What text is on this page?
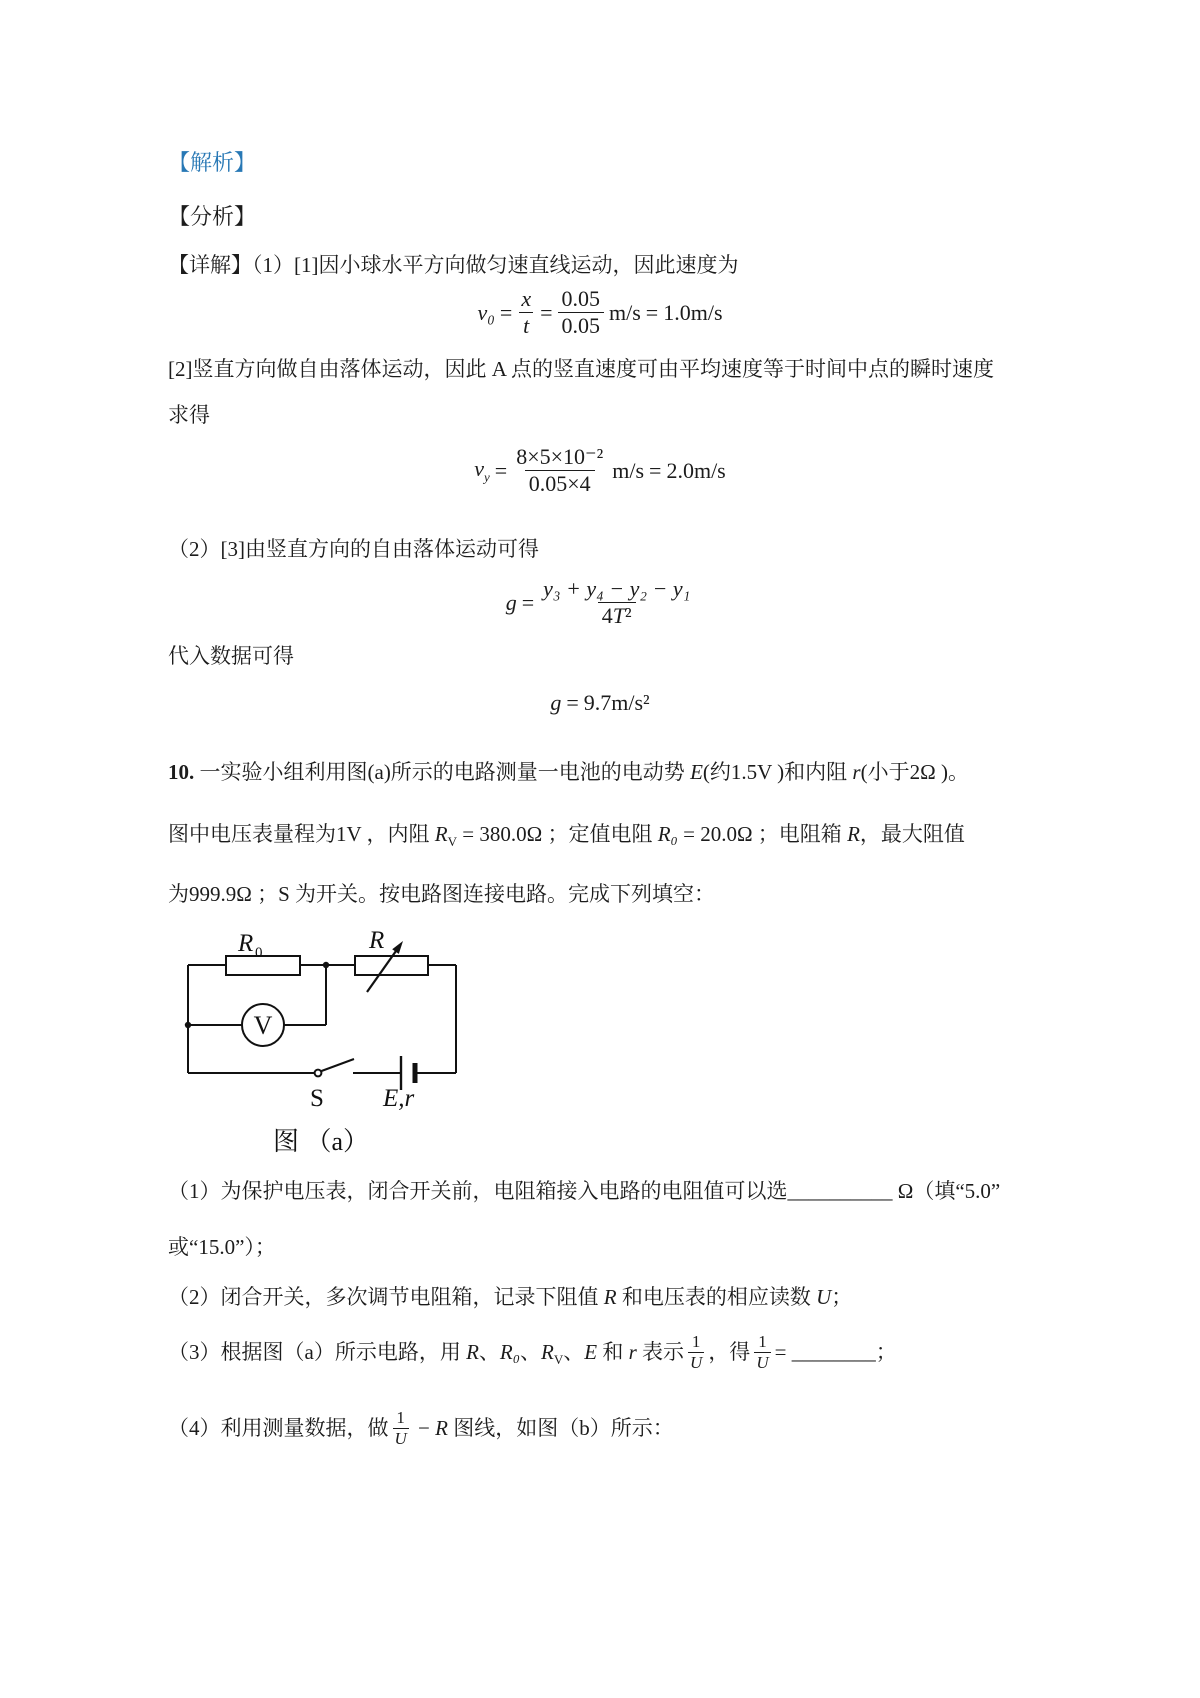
【解析】

【分析】

【详解】（1）[1]因小球水平方向做匀速直线运动，因此速度为

$v_0 = \frac{x}{t} = \frac{0.05}{0.05} m/s = 1.0m/s$

[2]竖直方向做自由落体运动，因此 A 点的竖直速度可由平均速度等于时间中点的瞬时速度

求得

$v_y = \frac{\text{8×5×10⁻²}}{0.05\times 4} m/s = 2.0m/s$

（2）[3]由竖直方向的自由落体运动可得

$g = \frac{\text{y₃ + y₄ − y₂ − y₁}}{\text{4T²}}$

代入数据可得

g = 9.7m/s²

10. 一实验小组利用图(a)所示的电路测量一电池的电动势 E(约1.5V )和内阻 r(小于2Ω )。

图中电压表量程为1V ，内阻 $R_V = 380.0\Omega$ ；定值电阻 R₀ = 20.0Ω ；电阻箱 R，最大阻值

为999.9Ω ；S 为开关。按电路图连接电路。完成下列填空：

V
R 0	R
S E,r
图 （a）

（1）为保护电压表，闭合开关前，电阻箱接入电路的电阻值可以选__________ Ω（填“5.0”

或“15.0”）；

（2）闭合开关，多次调节电阻箱，记录下阻值 R 和电压表的相应读数 U；

（3）根据图（a）所示电路，用 R、R₀、$R_V$、E 和 r 表示 $\frac{1}{U}$ ，得 $\frac{1}{U}$ = ________；

（4）利用测量数据，做 $\frac{1}{U} - R$ 图线，如图（b）所示：
